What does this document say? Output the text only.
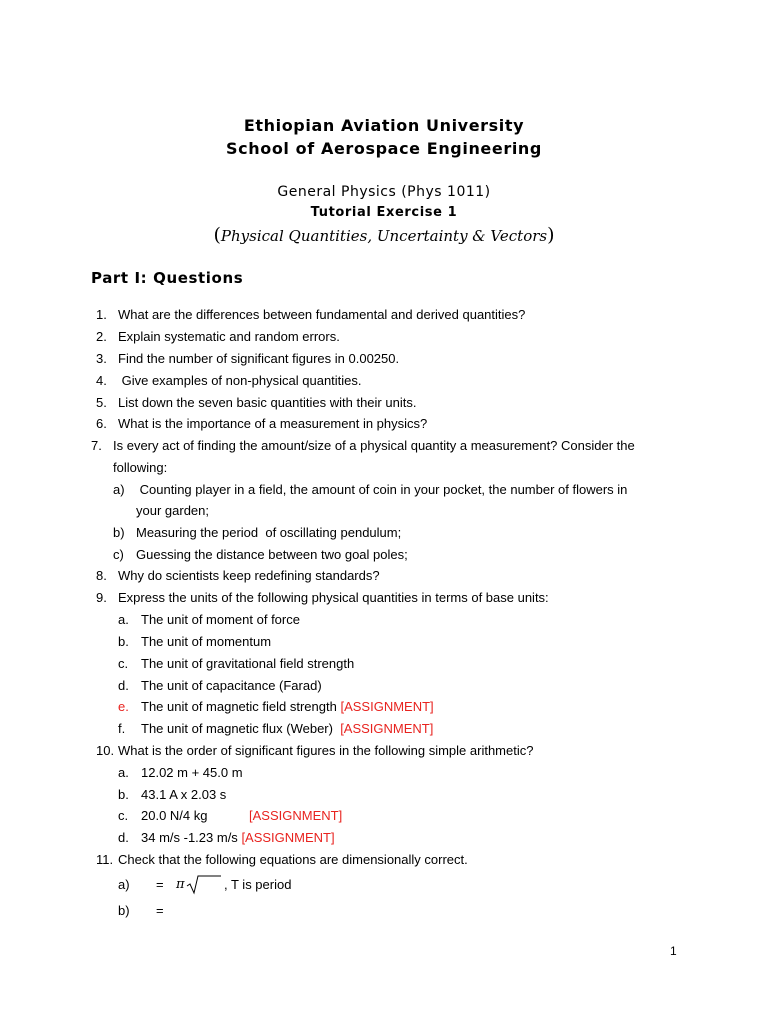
Ethiopian Aviation University
School of Aerospace Engineering
General Physics (Phys 1011)
Tutorial Exercise 1
(Physical Quantities, Uncertainty & Vectors)
Part I: Questions
1. What are the differences between fundamental and derived quantities?
2. Explain systematic and random errors.
3. Find the number of significant figures in 0.00250.
4. Give examples of non-physical quantities.
5. List down the seven basic quantities with their units.
6. What is the importance of a measurement in physics?
7. Is every act of finding the amount/size of a physical quantity a measurement? Consider the
following:
a) Counting player in a field, the amount of coin in your pocket, the number of flowers in
your garden;
b) Measuring the period  of oscillating pendulum;
c) Guessing the distance between two goal poles;
8. Why do scientists keep redefining standards?
9. Express the units of the following physical quantities in terms of base units:
a. The unit of moment of force
b. The unit of momentum
c. The unit of gravitational field strength
d. The unit of capacitance (Farad)
e. The unit of magnetic field strength [ASSIGNMENT]
f. The unit of magnetic flux (Weber) [ASSIGNMENT]
10. What is the order of significant figures in the following simple arithmetic?
a. 12.02 m + 45.0 m
b. 43.1 A x 2.03 s
c. 20.0 N/4 kg	[ASSIGNMENT]
d. 34 m/s -1.23 m/s [ASSIGNMENT]
11. Check that the following equations are dimensionally correct.
a) = π	, T is period
b) =
1
